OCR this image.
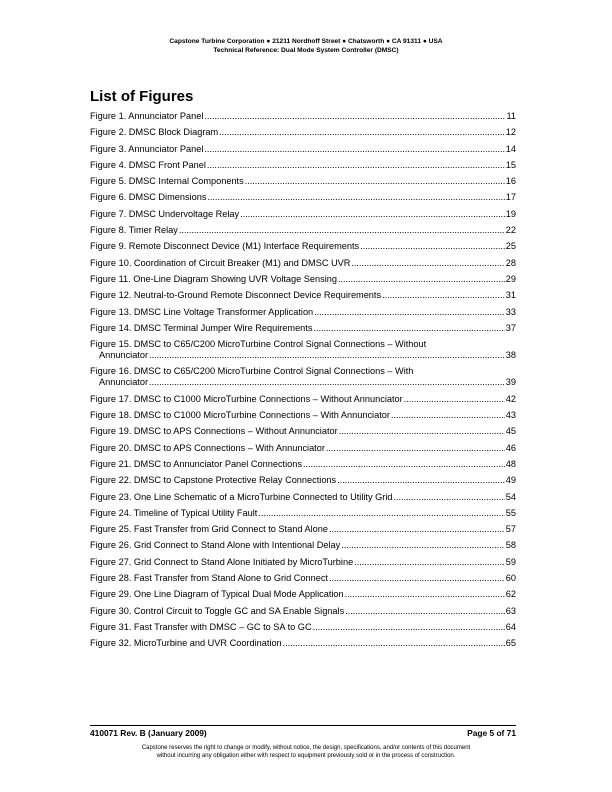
Capstone Turbine Corporation ● 21211 Nordhoff Street ● Chatsworth ● CA 91311 ● USA
Technical Reference: Dual Mode System Controller (DMSC)
List of Figures
Figure 1. Annunciator Panel . . .	11
Figure 2. DMSC Block Diagram . . .	12
Figure 3. Annunciator Panel . . .	14
Figure 4. DMSC Front Panel . . .	15
Figure 5. DMSC Internal Components . . .	16
Figure 6. DMSC Dimensions . . .	17
Figure 7. DMSC Undervoltage Relay . . .	19
Figure 8. Timer Relay . . .	22
Figure 9. Remote Disconnect Device (M1) Interface Requirements . . .	25
Figure 10. Coordination of Circuit Breaker (M1) and DMSC UVR . . .	28
Figure 11. One-Line Diagram Showing UVR Voltage Sensing . . .	29
Figure 12. Neutral-to-Ground Remote Disconnect Device Requirements . . .	31
Figure 13. DMSC Line Voltage Transformer Application . . .	33
Figure 14. DMSC Terminal Jumper Wire Requirements . . .	37
Figure 15. DMSC to C65/C200 MicroTurbine Control Signal Connections – Without
Annunciator . . .	38
Figure 16. DMSC to C65/C200 MicroTurbine Control Signal Connections – With
Annunciator . . .	39
Figure 17. DMSC to C1000 MicroTurbine Connections – Without Annunciator . . .	42
Figure 18. DMSC to C1000 MicroTurbine Connections – With Annunciator . . .	43
Figure 19. DMSC to APS Connections – Without Annunciator . . .	45
Figure 20. DMSC to APS Connections – With Annunciator . . .	46
Figure 21. DMSC to Annunciator Panel Connections . . .	48
Figure 22. DMSC to Capstone Protective Relay Connections . . .	49
Figure 23. One Line Schematic of a MicroTurbine Connected to Utility Grid . . .	54
Figure 24. Timeline of Typical Utility Fault . . .	55
Figure 25. Fast Transfer from Grid Connect to Stand Alone . . .	57
Figure 26. Grid Connect to Stand Alone with Intentional Delay . . .	58
Figure 27. Grid Connect to Stand Alone Initiated by MicroTurbine . . .	59
Figure 28. Fast Transfer from Stand Alone to Grid Connect . . .	60
Figure 29. One Line Diagram of Typical Dual Mode Application . . .	62
Figure 30. Control Circuit to Toggle GC and SA Enable Signals . . .	63
Figure 31. Fast Transfer with DMSC – GC to SA to GC . . .	64
Figure 32. MicroTurbine and UVR Coordination . . .	65
410071 Rev. B (January 2009)	Page 5 of 71
Capstone reserves the right to change or modify, without notice, the design, specifications, and/or contents of this document
without incurring any obligation either with respect to equipment previously sold or in the process of construction.
